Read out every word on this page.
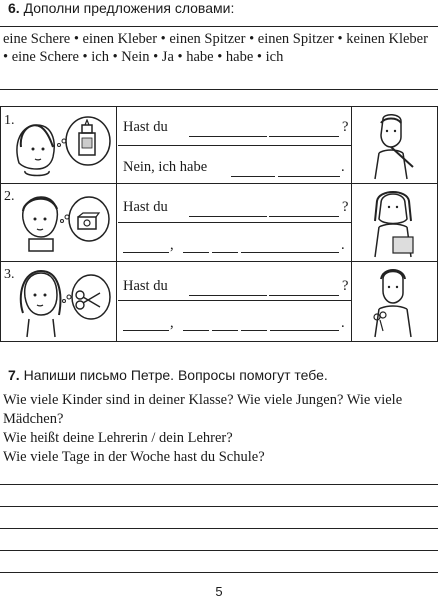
6. Дополни предложения словами:
eine Schere • einen Kleber • einen Spitzer • einen Spitzer • keinen Kleber • eine Schere • ich • Nein • Ja • habe • habe • ich
1.	Hast du	?
Nein, ich habe	.
2.
Hast du	?
,	.
3.
Hast du	?
,	.
7. Напиши письмо Петре. Вопросы помогут тебе.
Wie viele Kinder sind in deiner Klasse? Wie viele Jungen? Wie viele Mädchen?
Wie heißt deine Lehrerin / dein Lehrer?
Wie viele Tage in der Woche hast du Schule?
5
